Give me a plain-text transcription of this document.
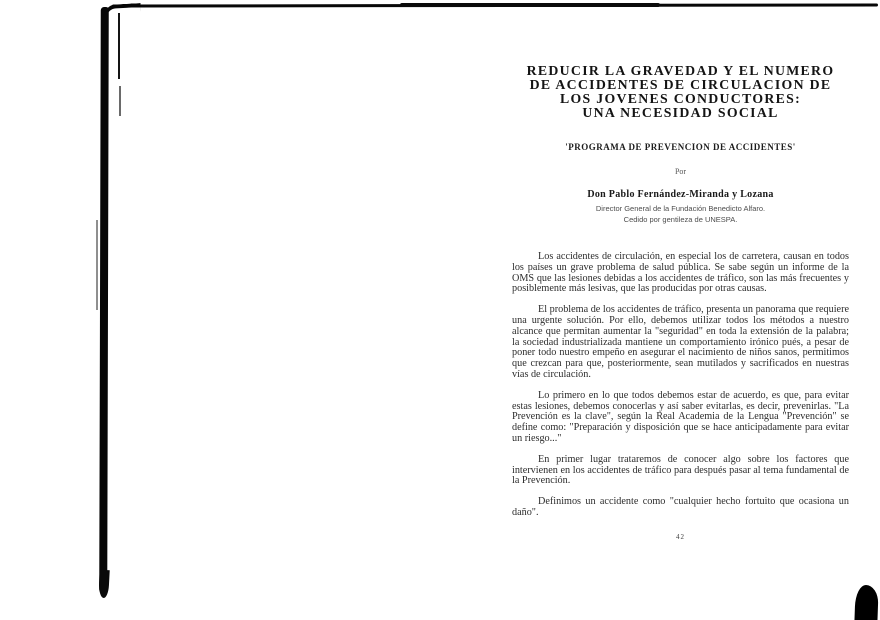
REDUCIR LA GRAVEDAD Y EL NUMERO
DE ACCIDENTES DE CIRCULACION DE
LOS JOVENES CONDUCTORES:
UNA NECESIDAD SOCIAL
'PROGRAMA DE PREVENCION DE ACCIDENTES'
Por
Don Pablo Fernández-Miranda y Lozana
Director General de la Fundación Benedicto Alfaro.
Cedido por gentileza de UNESPA.

Los accidentes de circulación, en especial los de carretera, causan en todos los países un grave problema de salud pública. Se sabe según un informe de la OMS que las lesiones debidas a los accidentes de tráfico, son las más frecuentes y posiblemente más lesivas, que las producidas por otras causas.

El problema de los accidentes de tráfico, presenta un panorama que requiere una urgente solución. Por ello, debemos utilizar todos los métodos a nuestro alcance que permitan aumentar la "seguridad" en toda la extensión de la palabra; la sociedad industrializada mantiene un comportamiento irónico pués, a pesar de poner todo nuestro empeño en asegurar el nacimiento de niños sanos, permitimos que crezcan para que, posteriormente, sean mutilados y sacrificados en nuestras vías de circulación.

Lo primero en lo que todos debemos estar de acuerdo, es que, para evitar estas lesiones, debemos conocerlas y así saber evitarlas, es decir, prevenirlas. "La Prevención es la clave", según la Real Academia de la Lengua "Prevención" se define como: "Preparación y disposición que se hace anticipadamente para evitar un riesgo..."

En primer lugar trataremos de conocer algo sobre los factores que intervienen en los accidentes de tráfico para después pasar al tema fundamental de la Prevención.

Definimos un accidente como "cualquier hecho fortuito que ocasiona un daño".

42
